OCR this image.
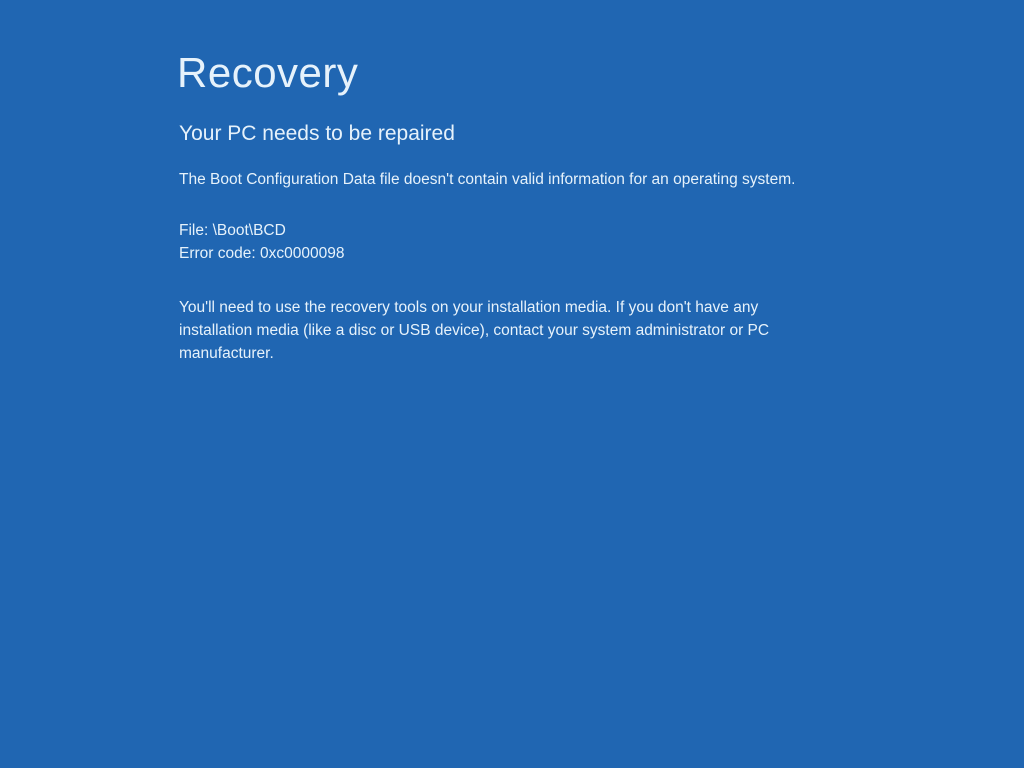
Recovery
Your PC needs to be repaired
The Boot Configuration Data file doesn't contain valid information for an operating system.
File: \Boot\BCD
Error code: 0xc0000098
You'll need to use the recovery tools on your installation media. If you don't have any installation media (like a disc or USB device), contact your system administrator or PC manufacturer.
